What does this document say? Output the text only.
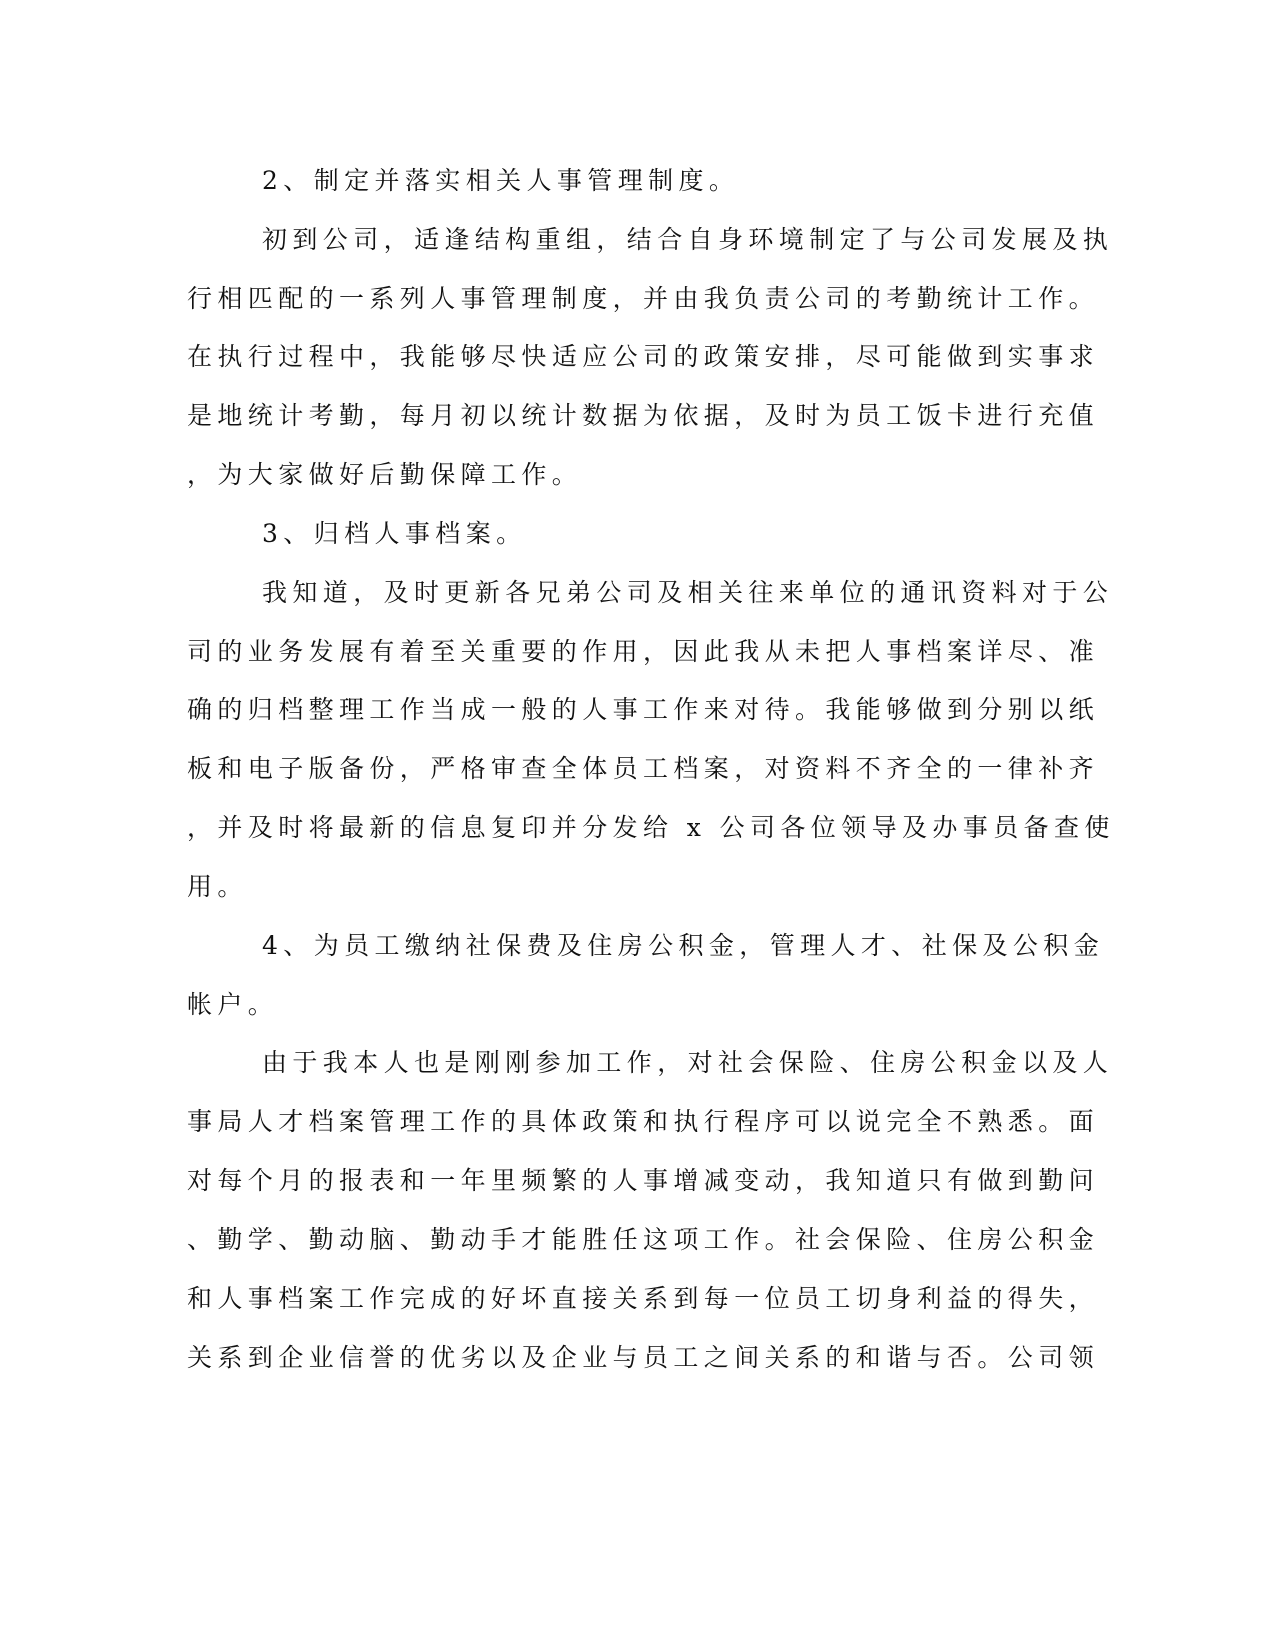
2、制定并落实相关人事管理制度。
初到公司，适逢结构重组，结合自身环境制定了与公司发展及执
行相匹配的一系列人事管理制度，并由我负责公司的考勤统计工作。
在执行过程中，我能够尽快适应公司的政策安排，尽可能做到实事求
是地统计考勤，每月初以统计数据为依据，及时为员工饭卡进行充值
，为大家做好后勤保障工作。
3、归档人事档案。
我知道，及时更新各兄弟公司及相关往来单位的通讯资料对于公
司的业务发展有着至关重要的作用，因此我从未把人事档案详尽、准
确的归档整理工作当成一般的人事工作来对待。我能够做到分别以纸
板和电子版备份，严格审查全体员工档案，对资料不齐全的一律补齐
，并及时将最新的信息复印并分发给 x 公司各位领导及办事员备查使
用。
4、为员工缴纳社保费及住房公积金，管理人才、社保及公积金
帐户。
由于我本人也是刚刚参加工作，对社会保险、住房公积金以及人
事局人才档案管理工作的具体政策和执行程序可以说完全不熟悉。面
对每个月的报表和一年里频繁的人事增减变动，我知道只有做到勤问
、勤学、勤动脑、勤动手才能胜任这项工作。社会保险、住房公积金
和人事档案工作完成的好坏直接关系到每一位员工切身利益的得失，
关系到企业信誉的优劣以及企业与员工之间关系的和谐与否。公司领
